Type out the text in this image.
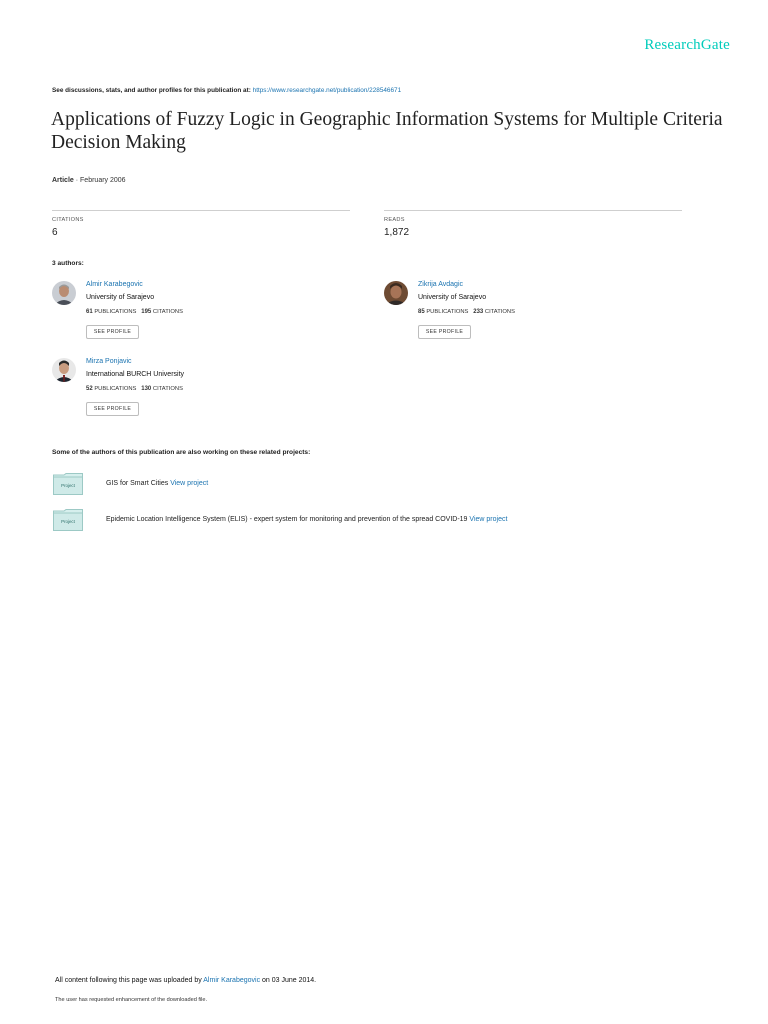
ResearchGate
See discussions, stats, and author profiles for this publication at: https://www.researchgate.net/publication/228546671
Applications of Fuzzy Logic in Geographic Information Systems for Multiple Criteria Decision Making
Article · February 2006
CITATIONS
6
READS
1,872
3 authors:
Almir Karabegovic
University of Sarajevo
61 PUBLICATIONS 195 CITATIONS
SEE PROFILE
Zikrija Avdagic
University of Sarajevo
85 PUBLICATIONS 233 CITATIONS
SEE PROFILE
Mirza Ponjavic
International BURCH University
52 PUBLICATIONS 130 CITATIONS
SEE PROFILE
Some of the authors of this publication are also working on these related projects:
Project	GIS for Smart Cities View project
Project	Epidemic Location Intelligence System (ELIS) - expert system for monitoring and prevention of the spread COVID-19 View project
All content following this page was uploaded by Almir Karabegovic on 03 June 2014.
The user has requested enhancement of the downloaded file.
